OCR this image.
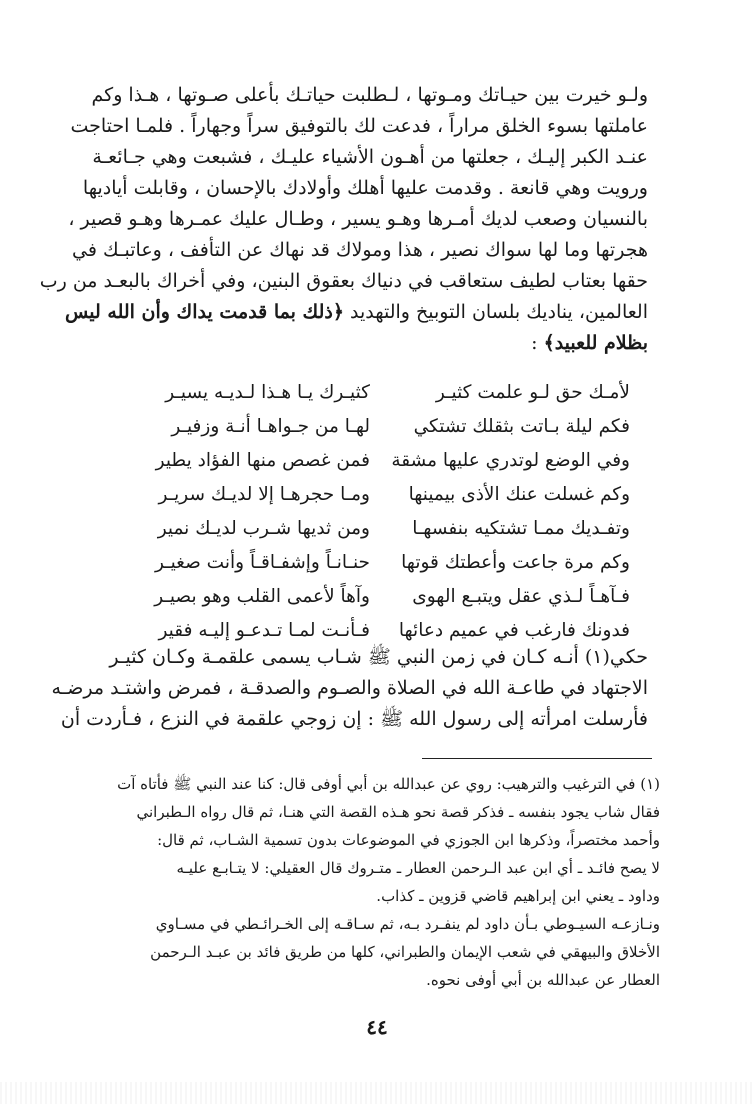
ولـو خيرت بين حيـاتك ومـوتها ، لـطلبت حياتـك بأعلى صـوتها ، هـذا وكم
عاملتها بسوء الخلق مراراً ، فدعت لك بالتوفيق سراً وجهاراً . فلمـا احتاجت
عنـد الكبر إليـك ، جعلتها من أهـون الأشياء عليـك ، فشبعت وهي جـائعـة
ورويت وهي قانعة . وقدمت عليها أهلك وأولادك بالإحسان ، وقابلت أياديها
بالنسيان وصعب لديك أمـرها وهـو يسير ، وطـال عليك عمـرها وهـو قصير ،
هجرتها وما لها سواك نصير ، هذا ومولاك قد نهاك عن التأفف ، وعاتبـك في
حقها بعتاب لطيف ستعاقب في دنياك بعقوق البنين، وفي أخراك بالبعـد من رب
العالمين، يناديك بلسان التوبيخ والتهديد ﴿ذلك بما قدمت يداك وأن الله ليس
بظلام للعبيد﴾ :
لأمـك حق لـو علمت كثيـر
كثيـرك يـا هـذا لـديـه يسيـر
فكم ليلة بـاتت بثقلك تشتكي
لهـا من جـواهـا أنـة وزفيـر
وفي الوضع لوتدري عليها مشقة
فمن غصص منها الفؤاد يطير
وكم غسلت عنك الأذى بيمينها
ومـا حجرهـا إلا لديـك سريـر
وتفـديك ممـا تشتكيه بنفسهـا
ومن ثديها شـرب لديـك نمير
وكم مرة جاعت وأعطتك قوتها
حنـانـاً وإشفـاقـاً وأنت صغيـر
فـآهـاً لـذي عقل ويتبـع الهوى
وآهاً لأعمى القلب وهو بصيـر
فدونك فارغب في عميم دعائها
فـأنـت لمـا تـدعـو إليـه فقير
حكي(١) أنـه كـان في زمن النبي ﷺ شـاب يسمى علقمـة وكـان كثيـر
الاجتهاد في طاعـة الله في الصلاة والصـوم والصدقـة ، فمرض واشتـد مرضـه
فأرسلت امرأته إلى رسول الله ﷺ : إن زوجي علقمة في النزع ، فـأردت أن
(١) في الترغيب والترهيب: روي عن عبدالله بن أبي أوفى قال: كنا عند النبي ﷺ فأتاه آت
فقال شاب يجود بنفسه ـ فذكر قصة نحو هـذه القصة التي هنـا، ثم قال رواه الـطبراني
وأحمد مختصراً، وذكرها ابن الجوزي في الموضوعات بدون تسمية الشـاب، ثم قال:
لا يصح فائـد ـ أي ابن عبد الـرحمن العطار ـ متـروك قال العقيلي: لا يتـابـع عليـه
وداود ـ يعني ابن إبراهيم قاضي قزوين ـ كذاب.
ونـازعـه السيـوطي بـأن داود لم ينفـرد بـه، ثم سـاقـه إلى الخـرائـطي في مسـاوي
الأخلاق والبيهقي في شعب الإيمان والطبراني، كلها من طريق فائد بن عبـد الـرحمن
العطار عن عبدالله بن أبي أوفى نحوه.
٤٤
